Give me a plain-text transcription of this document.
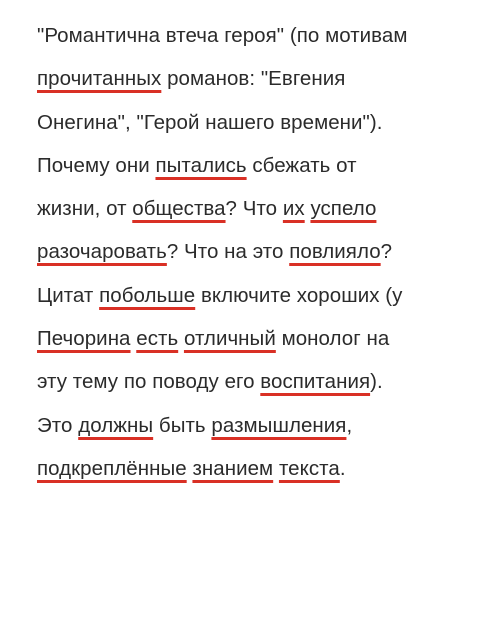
"Романтична втеча героя" (по мотивам
прочитанных романов: "Евгения
Онегина", "Герой нашего времени").
Почему они пытались сбежать от
жизни, от общества? Что их успело
разочаровать? Что на это повлияло?
Цитат побольше включите хороших (у
Печорина есть отличный монолог на
эту тему по поводу его воспитания).
Это должны быть размышления,
подкреплённые знанием текста.
